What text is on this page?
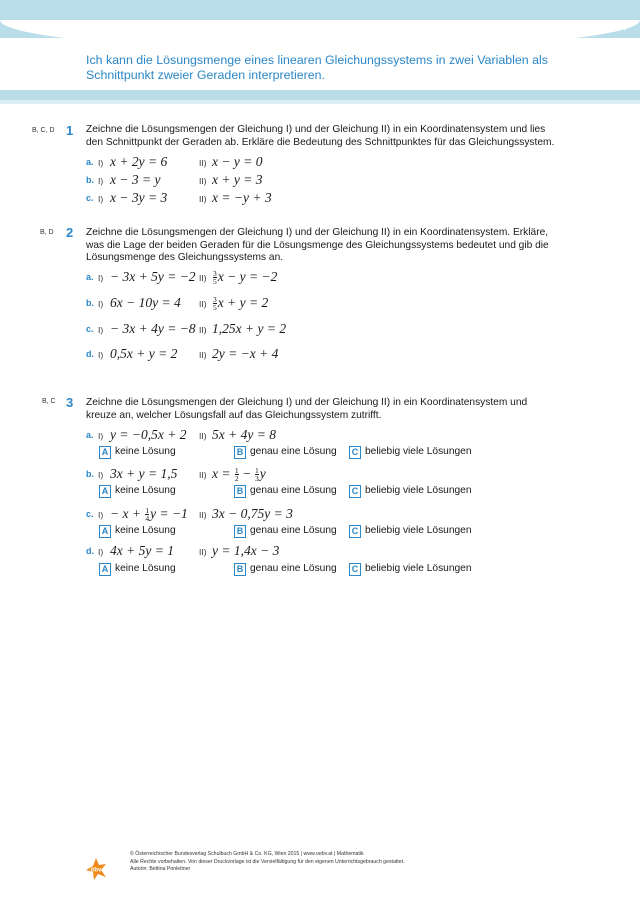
Mathematik anwenden
Ich kann die Lösungsmenge eines linearen Gleichungssystems in zwei Variablen als Schnittpunkt zweier Geraden interpretieren.
B, C, D 1 Zeichne die Lösungsmengen der Gleichung I) und der Gleichung II) in ein Koordinatensystem und lies den Schnittpunkt der Geraden ab. Erkläre die Bedeutung des Schnittpunktes für das Gleichungssystem.
a. I) x + 2y = 6	II) x − y = 0
b. I) x − 3 = y	II) x + y = 3
c. I) x − 3y = 3	II) x = −y + 3
B, D 2 Zeichne die Lösungsmengen der Gleichung I) und der Gleichung II) in ein Koordinatensystem. Erkläre, was die Lage der beiden Geraden für die Lösungsmenge des Gleichungssystems bedeutet und gib die Lösungsmenge des Gleichungssystems an.
a. I) − 3x + 5y = −2 $II) \frac{3}{5}$ x − y = −2
b. I) 6x − 10y = 4 $II) \frac{3}{5}$ x + y = 2
c. I) − 3x + 4y = −8 II) 1,25x + y = 2
d. I) 0,5x + y = 2	II) 2y = −x + 4
B, C 3 Zeichne die Lösungsmengen der Gleichung I) und der Gleichung II) in ein Koordinatensystem und kreuze an, welcher Lösungsfall auf das Gleichungssystem zutrifft.
a. I) y = −0,5x + 2 II) 5x + 4y = 8
A keine Lösung	B genau eine Lösung	C beliebig viele Lösungen
b. I) 3x + y = 1,5	II) $x = \frac{1}{2} - \frac{1}{3}$ y
A keine Lösung	B genau eine Lösung	C beliebig viele Lösungen
c. $I) - x + \frac{1}{4}$ y = −1 II) 3x − 0,75y = 3
A keine Lösung	B genau eine Lösung	C beliebig viele Lösungen
d. I) 4x + 5y = 1	II) y = 1,4x − 3
A keine Lösung	B genau eine Lösung	C beliebig viele Lösungen
öbv
© Österreichischer Bundesverlag Schulbuch GmbH & Co. KG, Wien 2015 | www.oebv.at | Mathematik
Alle Rechte vorbehalten. Von dieser Druckvorlage ist die Vervielfältigung für den eigenen Unterrichtsgebrauch gestattet.
Autorin: Bettina Ponleitner
